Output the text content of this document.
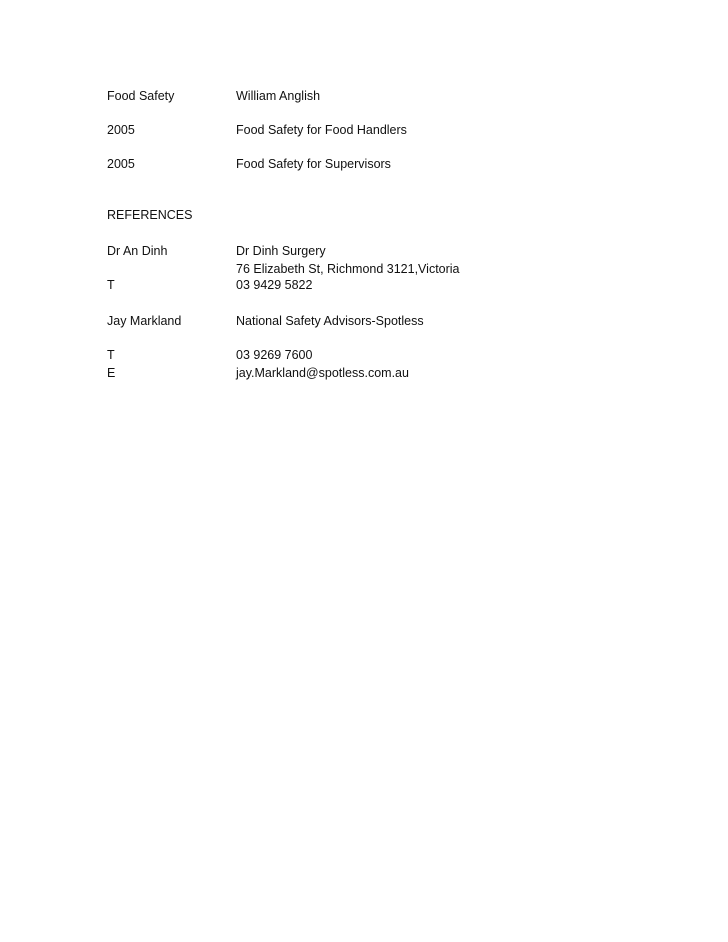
Food Safety	William Anglish
2005	Food Safety for Food Handlers
2005	Food Safety for Supervisors
REFERENCES
Dr An Dinh	Dr Dinh Surgery
76 Elizabeth St, Richmond 3121,Victoria
T	03 9429 5822
Jay Markland	National Safety Advisors-Spotless
T	03 9269 7600
E	jay.Markland@spotless.com.au
